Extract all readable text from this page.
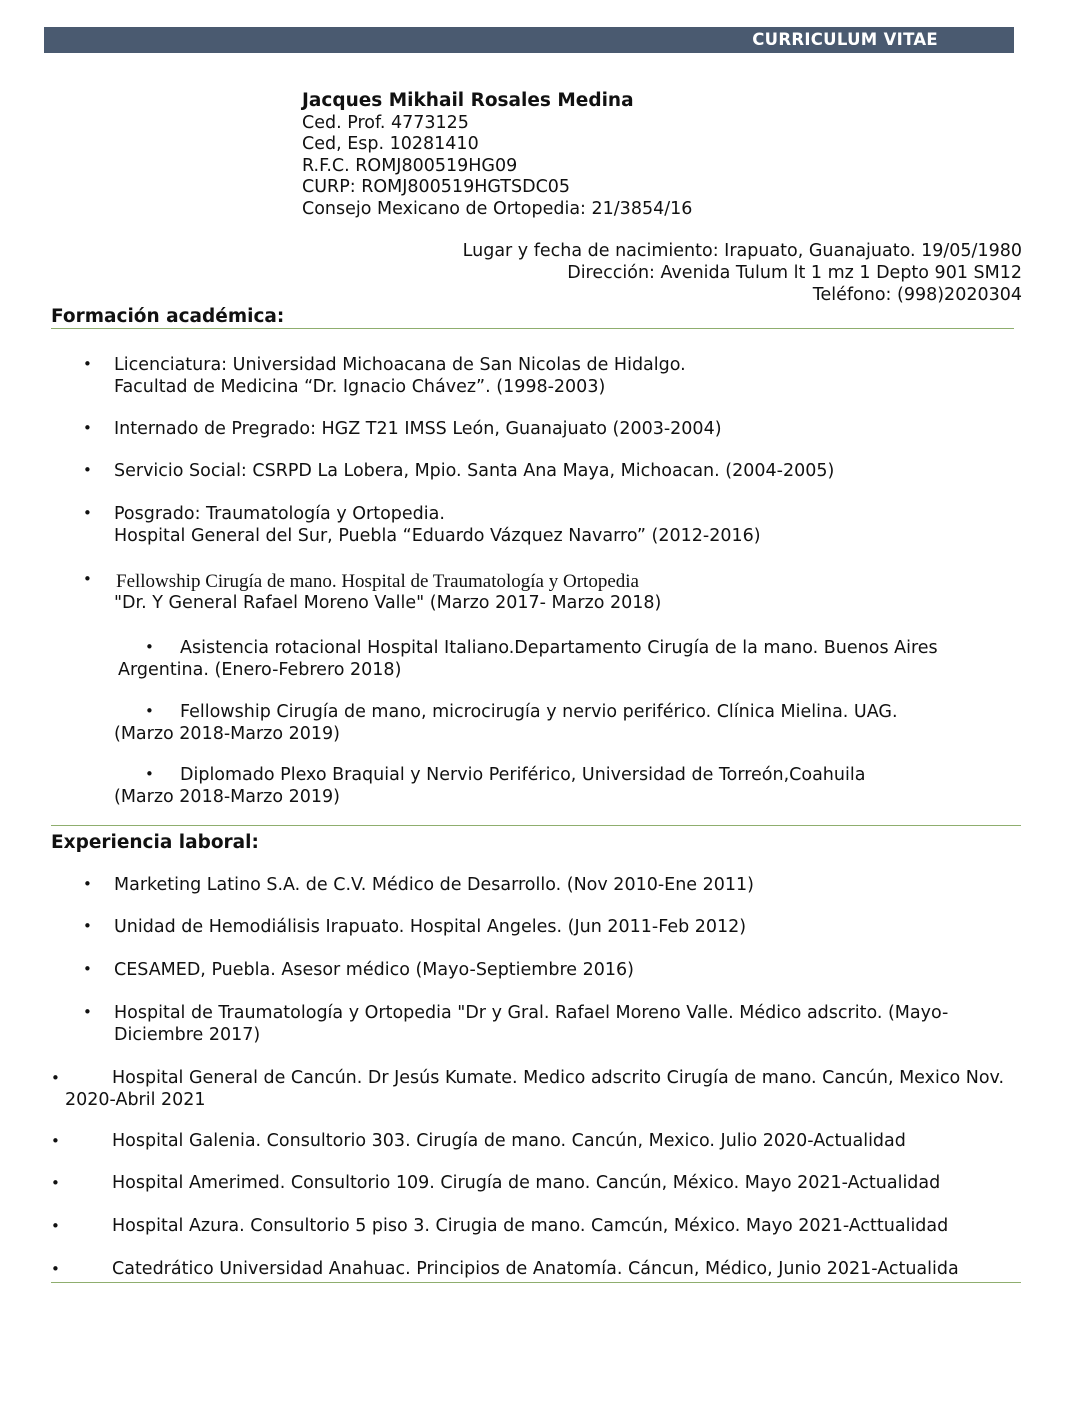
CURRICULUM VITAE
Jacques Mikhail Rosales Medina
Ced. Prof. 4773125
Ced, Esp. 10281410
R.F.C. ROMJ800519HG09
CURP: ROMJ800519HGTSDC05
Consejo Mexicano de Ortopedia: 21/3854/16
Lugar y fecha de nacimiento: Irapuato, Guanajuato. 19/05/1980
Dirección: Avenida Tulum lt 1 mz 1 Depto 901 SM12
Teléfono: (998)2020304
Formación académica:
• Licenciatura: Universidad Michoacana de San Nicolas de Hidalgo.
Facultad de Medicina “Dr. Ignacio Chávez”. (1998-2003)
• Internado de Pregrado: HGZ T21 IMSS León, Guanajuato (2003-2004)
• Servicio Social: CSRPD La Lobera, Mpio. Santa Ana Maya, Michoacan. (2004-2005)
• Posgrado: Traumatología y Ortopedia.
Hospital General del Sur, Puebla “Eduardo Vázquez Navarro” (2012-2016)
• Fellowship Cirugía de mano. Hospital de Traumatología y Ortopedia
"Dr. Y General Rafael Moreno Valle" (Marzo 2017- Marzo 2018)
• Asistencia rotacional Hospital Italiano.Departamento Cirugía de la mano. Buenos Aires
Argentina. (Enero-Febrero 2018)
• Fellowship Cirugía de mano, microcirugía y nervio periférico. Clínica Mielina. UAG.
(Marzo 2018-Marzo 2019)
• Diplomado Plexo Braquial y Nervio Periférico, Universidad de Torreón,Coahuila
(Marzo 2018-Marzo 2019)
Experiencia laboral:
• Marketing Latino S.A. de C.V. Médico de Desarrollo. (Nov 2010-Ene 2011)
• Unidad de Hemodiálisis Irapuato. Hospital Angeles. (Jun 2011-Feb 2012)
• CESAMED, Puebla. Asesor médico (Mayo-Septiembre 2016)
• Hospital de Traumatología y Ortopedia "Dr y Gral. Rafael Moreno Valle. Médico adscrito. (Mayo-
Diciembre 2017)
•	Hospital General de Cancún. Dr Jesús Kumate. Medico adscrito Cirugía de mano. Cancún, Mexico Nov.
2020-Abril 2021
•	Hospital Galenia. Consultorio 303. Cirugía de mano. Cancún, Mexico. Julio 2020-Actualidad
•	Hospital Amerimed. Consultorio 109. Cirugía de mano. Cancún, México. Mayo 2021-Actualidad
•	Hospital Azura. Consultorio 5 piso 3. Cirugia de mano. Camcún, México. Mayo 2021-Acttualidad
•	Catedrático Universidad Anahuac. Principios de Anatomía. Cáncun, Médico, Junio 2021-Actualida
